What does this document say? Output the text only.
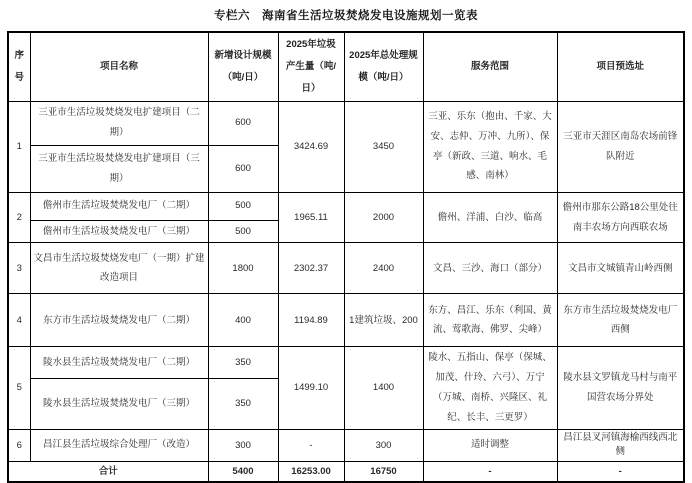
专栏六　海南省生活垃圾焚烧发电设施规划一览表
序号	项目名称	新增设计规模 （吨/日）	2025年垃圾产生量（吨/日）	2025年总处理规模（吨/日）	服务范围	项目预选址
1	三亚市生活垃圾焚烧发电扩建项目（二期）	600	3424.69	3450	三亚、乐东（抱由、千家、大安、志仲、万冲、九所）、保亭（新政、三道、响水、毛感、南林）	三亚市天涯区南岛农场前锋队附近
	三亚市生活垃圾焚烧发电扩建项目（三期）	600				
2	儋州市生活垃圾焚烧发电厂（二期）	500	1965.11	2000	儋州、洋浦、白沙、临高	儋州市那东公路18公里处往南丰农场方向西联农场
	儋州市生活垃圾焚烧发电厂（三期）	500				
3	文昌市生活垃圾焚烧发电厂（一期）扩建改造项目	1800	2302.37	2400	文昌、三沙、海口（部分）	文昌市文城镇青山岭西侧
4	东方市生活垃圾焚烧发电厂（二期）	400	1194.89	1建筑垃圾、200	东方、昌江、乐东（利国、黄流、莺歌海、佛罗、尖峰）	东方市生活垃圾焚烧发电厂西侧
5	陵水县生活垃圾焚烧发电厂（二期）	350	1499.10	1400	陵水、五指山、保亭（保城、加茂、什玲、六弓）、万宁（万城、南桥、兴隆区、礼纪、长丰、三更罗）	陵水县文罗镇龙马村与南平国营农场分界处
	陵水县生活垃圾焚烧发电厂（三期）	350				
6	昌江县生活垃圾综合处理厂（改造）	300	-	300	适时调整	昌江县叉河镇海榆西线西北侧
合计		5400	16253.00	16750	-	-
